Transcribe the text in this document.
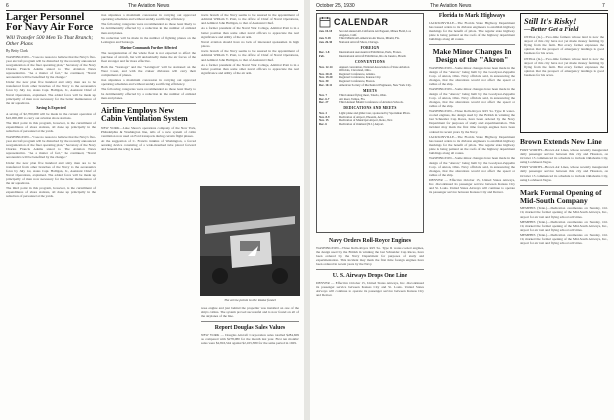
6	The Aviation News
Larger Personnel For Navy Air Force
Will Transfer 500 Men To That Branch; Other Plans
By Betty Clark

WASHINGTON—"I see no reason to believe that the Navy's five-year aircraft program will be disturbed by the recently announced reorganization of the fleet operating plan," Secretary of the Navy Charles Francis Adams stated to The Aviation News representative. "As a matter of fact," he continued, "Naval aeronautics will be benefited by the change."

Under the new plan five hundred and sixty men are to be transferred from other branches of the Navy to the aeronautics force by July 1st, states Capt. Halligan, Jr., Assistant Chief of Naval Operations, explained. The added force will be made up principally of men now necessary for the better maintenance of the air squadrons.

Saving Is Expected

A saving of $2,700,000 will be made in the current operation of $22,000,000 to carry out aviation shore stations.

The third point in this program, however, is the curtailment of expenditures of shore stations, all done up principally in the reduction of personnel at the yards.

WASHINGTON—"I see no reason to believe that the Navy's five-year aircraft program will be disturbed by the recently announced reorganization of the fleet operating plan," Secretary of the Navy Charles Francis Adams stated to The Aviation News representative. "As a matter of fact," he continued, "Naval aeronautics will be benefited by the change."

Under the new plan five hundred and sixty men are to be transferred from other branches of the Navy to the aeronautics force by July 1st, states Capt. Halligan, Jr., Assistant Chief of Naval Operations, explained. The added force will be made up principally of men now necessary for the better maintenance of the air squadrons.

The third point in this program, however, is the curtailment of expenditures of shore stations, all done up principally in the reduction of personnel at the yards.

tion stipulates a maximum concession in carrying out approved operating schedules and without unduly sacrificing efficiency.

The following categories were recommended as those least likely to be detrimentally effected by a reduction in the number of enlisted men and planes.

No reduction will be made in the number of fighting planes on the Lexington and Saratoga.

Marine Commands Further Affected

The reorganization of the whole fleet is not expected to affect the purchase of aircraft, but will undoubtedly make the air forces of the fleet stronger and far more effective.

Both the "Saratoga" and the "Lexington" will be stationed on the West Coast, and with the cruiser divisions will carry their complement of planes.

tion stipulates a maximum concession in carrying out approved operating schedules and without unduly sacrificing efficiency.

The following categories were recommended as those least likely to be detrimentally effected by a reduction in the number of enlisted men and planes.

Airline Employs New Cabin Ventilation System

NEW YORK—Lake Shore's operations company of the New York, Philadelphia & Washington line, tells of a new system of cabin ventilation now used on Ford transports during certain flight phases.

At the suggestion of C. Francis Jenkins of Washington, a forced aerating device consisting of a wide-mouthed tube placed forward and beneath the wing is used.

tracts branch of the Navy seems to be assured in the appointment of Admiral William V. Pratt, to the office of Chief of Naval Operations, and Admiral John Halligan, to that of Assistant Chief.

As a former president of the Naval War College, Admiral Pratt is in a better position than some other naval officers to appreciate the real significance and utility of the air arm.

Naval aviation should have no lack of interested spokesmen in high places.

tracts branch of the Navy seems to be assured in the appointment of Admiral William V. Pratt, to the office of Chief of Naval Operations, and Admiral John Halligan, to that of Assistant Chief.

As a former president of the Naval War College, Admiral Pratt is in a better position than some other naval officers to appreciate the real significance and utility of the air arm.

The arrow points to the intake funnel

nose engine and just behind the propeller was installed on one of the ship's cabins. The system proved successful and is now found on all of the airplanes of the line.

Report Douglas Sales Values

NEW YORK — Douglas Aircraft Corporation sales totalled $284,609 as compared with $278,080 for the month last year. First ten months' sales were $2,816,544 against $2,163,380 for the same period in 1929.

October 25, 1930	The Aviation News	7
CALENDAR
Jan. 10-18	Second annual All-California Air Pageant, Mines Field, Los Angeles, Calif.
Jan. 9-18	Third Miami All-American Air Races, Miami, Fla.
Jan. 26-30	National Aircraft Show, Chicago.
FOREIGN
Dec. 1-8	International Aeronautical Exhibition, Paris, France.
Feb.	International Aircraft Exhibition, Rio de Janeiro, Brazil.
CONVENTIONS
Nov. 12-14	Annual convention, National Association of State Aviation Officials, Cleveland, Ohio.
Nov. 20-21	Regional Conference, Atlanta.
Nov. 19-20	Regional Conference, Kansas City.
Nov. 30	Regional Conference, Boston.
Dec. 10-11	American Society of Mechanical Engineers, New York City.
MEETS
Nov. 7	Third annual flying meet, Toledo, Ohio.
Dec. 6-7	Air meet, Tampa, Fla.
Dec. 27	Third Annual Miami Conference of Aviation Schools.
DEDICATIONS AND MEETS
Nov. 2	Light plane and glider tour, sponsored by Sportsman Pilots.
Nov. 8-9	Dedication of Airport, Phoenix, Ariz.
Nov. 15	Dedication of Municipal Airport, Reno, Nev.
Dec. 6	Dedication of Oakland (N.J.) Airport.
Navy Orders Roll-Royce Engines

WASHINGTON—Three Rolls-Royce R25 Sa. Type R water-cooled engines, the design used by the British in winning the last Schneider Cup Races, have been ordered by the Navy Department for purposes of study and experimentation. This incident may mark the first time foreign engines have been ordered in recent years by the Navy.

U. S. Airways Drops One Line

DENVER — Effective October 15, United States Airways, Inc. discontinued its passenger service between Kansas City and St. Louis. United States Airways will continue to operate its passenger service between Kansas City and Denver.

Florida to Mark Highways

JACKSONVILLE—The Florida State Highway Department has issued orders to its division engineers to establish highway markings for the benefit of pilots. The regular state highway plate is being painted on the roofs of the highway department buildings along all routes.

Make Minor Changes In Design of the "Akron"

WASHINGTON—Some minor changes have been made in the design of the "Akron," being built by the Goodyear-Zeppelin Corp. of Akron, Ohio. Navy officials said, in announcing the changes, that the alterations would not affect the speed or radius of the ship.

WASHINGTON—Some minor changes have been made in the design of the "Akron," being built by the Goodyear-Zeppelin Corp. of Akron, Ohio. Navy officials said, in announcing the changes, that the alterations would not affect the speed or radius of the ship.

WASHINGTON—Three Rolls-Royce R25 Sa. Type R water-cooled engines, the design used by the British in winning the last Schneider Cup Races, have been ordered by the Navy Department for purposes of study and experimentation. This incident may mark the first time foreign engines have been ordered in recent years by the Navy.

JACKSONVILLE—The Florida State Highway Department has issued orders to its division engineers to establish highway markings for the benefit of pilots. The regular state highway plate is being painted on the roofs of the highway department buildings along all routes.

WASHINGTON—Some minor changes have been made in the design of the "Akron," being built by the Goodyear-Zeppelin Corp. of Akron, Ohio. Navy officials said, in announcing the changes, that the alterations would not affect the speed or radius of the ship.

DENVER — Effective October 15, United States Airways, Inc. discontinued its passenger service between Kansas City and St. Louis. United States Airways will continue to operate its passenger service between Kansas City and Denver.

Still It's Risky!
—Better Get a Field

OSTKA (Ia.)—Two-time farmers whose land is now the airport of this city have not yet made money farming by flying from the farm. But every farmer expresses the opinion that the prospect of emergency landings is good business for his acres.

OSTKA (Ia.)—Two-time farmers whose land is now the airport of this city have not yet made money farming by flying from the farm. But every farmer expresses the opinion that the prospect of emergency landings is good business for his acres.

Brown Extends New Line

FORT WORTH—Brown Air Lines, whose recently inaugurated daily passenger service between this city and Houston, on October 15 commenced its schedule to include Oklahoma City, using Lockheed-Vegas.

FORT WORTH—Brown Air Lines, whose recently inaugurated daily passenger service between this city and Houston, on October 15 commenced its schedule to include Oklahoma City, using Lockheed-Vegas.

Mark Formal Opening of Mid-South Company

MEMPHIS (Tenn.)—Dedication ceremonies on Sunday, Oct. 19, marked the formal opening of the Mid-South Airways, Inc., airport for air taxi and flying school activities.

MEMPHIS (Tenn.)—Dedication ceremonies on Sunday, Oct. 19, marked the formal opening of the Mid-South Airways, Inc., airport for air taxi and flying school activities.

MEMPHIS (Tenn.)—Dedication ceremonies on Sunday, Oct. 19, marked the formal opening of the Mid-South Airways, Inc., airport for air taxi and flying school activities.
